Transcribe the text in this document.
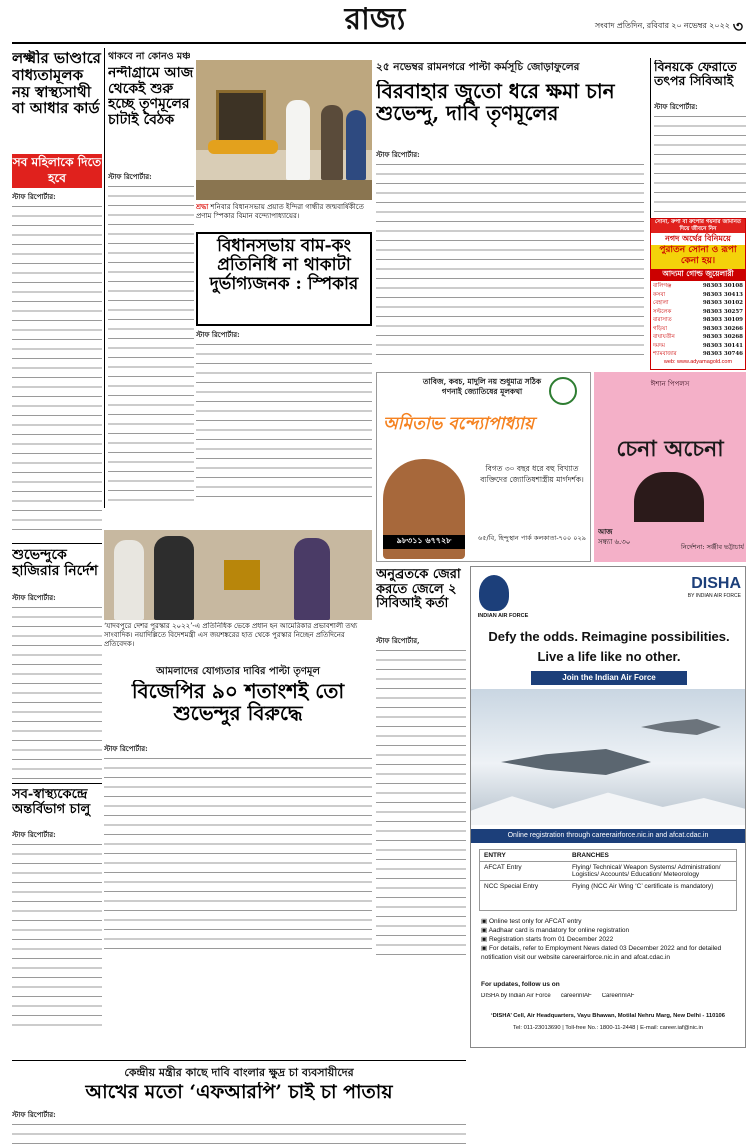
রাজ্য	সংবাদ প্রতিদিন, রবিবার ২০ নভেম্বর ২০২২ ৩
লক্ষ্মীর ভাণ্ডারে বাধ্যতামূলক নয় স্বাস্থ্যসাথী বা আধার কার্ড
সব মহিলাকে দিতে হবে
স্টাফ রিপোর্টার:
শুভেন্দুকে হাজিরার নির্দেশ
স্টাফ রিপোর্টার:
সব-স্বাস্থ্যকেন্দ্রে অন্তর্বিভাগ চালু
স্টাফ রিপোর্টার:
থাকবে না কোনও মঞ্চ
নন্দীগ্রামে আজ থেকেই শুরু হচ্ছে তৃণমূলের চাটাই বৈঠক
স্টাফ রিপোর্টার:
শ্রদ্ধা শনিবার বিধানসভায় প্রয়াত ইন্দিরা গান্ধীর জন্মবার্ষিকীতে প্রণাম স্পিকার বিমান বন্দ্যোপাধ্যায়ের।
বিধানসভায় বাম-কং প্রতিনিধি না থাকাটা দুর্ভাগ্যজনক : স্পিকার
স্টাফ রিপোর্টার:
২৫ নভেম্বর রামনগরে পাল্টা কর্মসূচি জোড়াফুলের
বিরবাহার জুতো ধরে ক্ষমা চান শুভেন্দু, দাবি তৃণমূলের
স্টাফ রিপোর্টার:
বিনয়কে ফেরাতে তৎপর সিবিআই
স্টাফ রিপোর্টার:
সোনা, রুপা বা রুপোর গয়নার জামানত দিয়ে জীবনে নিন
নগদ অর্থের বিনিময়ে
পুরাতন সোনা ও রূপা কেনা হয়।
আদ্যমা গোল্ড জুয়েলারী
বালিগঞ্জ	98303 30108
কসবা	98303 30413
বেহালা	98303 30102
সল্টলেক	98303 30257
বারাসাত	98303 30109
গড়িয়া	98303 30266
বাঘাযতীন	98303 30268
দমদম	98303 30141
শ্যামবাজার	98303 30746
web: www.adyamagold.com
তাবিজ, কবচ, মাদুলি নয় শুধুমাত্র সঠিক গণনাই জ্যোতিষের মূলকথা
অমিতাভ বন্দ্যোপাধ্যায়
বিগত ৩০ বছর ধরে বহু বিখ্যাত ব্যক্তিদের জ্যোতিষশাস্ত্রীয় মার্গদর্শক।
৯৮৩১১ ৬৭৭২৮	৬৫/বি, হিন্দুস্থান পার্ক কলকাতা-৭০০ ০২৯
ঈশান পিপলস
চেনা অচেনা
আজ
সন্ধ্যা ৬.৩০
নির্দেশনা: সঞ্জীব ভট্টাচার্য
‘যাদবপুরে দেশর পুরস্কার ২০২২’-এ প্রতিনিধিক ভেকে প্রধান হন আমেরিকার প্রভাবশালী তথ্য সাংবাদিক। নয়াদিল্লিতে বিদেশমন্ত্রী এস জয়শঙ্করের হাত থেকে পুরস্কার নিচ্ছেন প্রতিদিনের প্রতিবেদক।
আমলাদের যোগ্যতার দাবির পাল্টা তৃণমূল
বিজেপির ৯০ শতাংশই তো শুভেন্দুর বিরুদ্ধে
স্টাফ রিপোর্টার:
অনুব্রতকে জেরা করতে জেলে ২ সিবিআই কর্তা
স্টাফ রিপোর্টার,
INDIAN AIR FORCE
DISHA
BY INDIAN AIR FORCE
Defy the odds. Reimagine possibilities.
Live a life like no other.
Join the Indian Air Force
Online registration through careerairforce.nic.in and afcat.cdac.in
ENTRY	BRANCHES
AFCAT Entry	Flying/ Technical/ Weapon Systems/ Administration/ Logistics/ Accounts/ Education/ Meteorology
NCC Special Entry	Flying (NCC Air Wing ‘C’ certificate is mandatory)
▣ Online test only for AFCAT entry
▣ Aadhaar card is mandatory for online registration
▣ Registration starts from 01 December 2022
▣ For details, refer to Employment News dated 03 December 2022 and for detailed notification visit our website careerairforce.nic.in and afcat.cdac.in
For updates, follow us on
DISHA by Indian Air Force careerinIAF CareerInIAF
‘DISHA’ Cell, Air Headquarters, Vayu Bhawan, Motilal Nehru Marg, New Delhi - 110106
Tel: 011-23013690 | Toll-free No.: 1800-11-2448 | E-mail: career.iaf@nic.in
কেন্দ্রীয় মন্ত্রীর কাছে দাবি বাংলার ক্ষুদ্র চা ব্যবসায়ীদের
আখের মতো ‘এফআরপি’ চাই চা পাতায়
স্টাফ রিপোর্টার:
